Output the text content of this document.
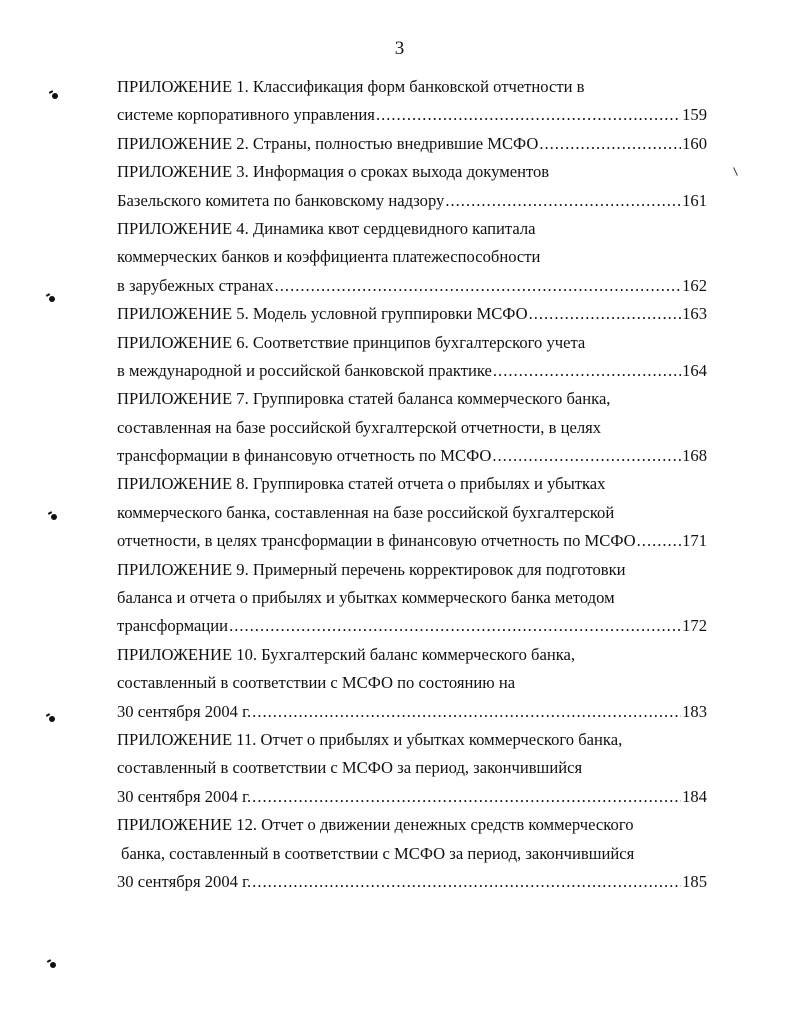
3
ПРИЛОЖЕНИЕ 1. Классификация форм банковской отчетности в
системе корпоративного управления .....	159
ПРИЛОЖЕНИЕ 2. Страны, полностью внедрившие МСФО .....	160
ПРИЛОЖЕНИЕ 3. Информация о сроках выхода документов
Базельского комитета по банковскому надзору .....	161
ПРИЛОЖЕНИЕ 4. Динамика квот сердцевидного капитала
коммерческих банков и коэффициента платежеспособности
в зарубежных странах .....	162
ПРИЛОЖЕНИЕ 5. Модель условной группировки МСФО .....	163
ПРИЛОЖЕНИЕ 6. Соответствие принципов бухгалтерского учета
в международной и российской банковской практике .....	164
ПРИЛОЖЕНИЕ 7. Группировка статей баланса коммерческого банка,
составленная на базе российской бухгалтерской отчетности, в целях
трансформации в финансовую отчетность по МСФО .....	168
ПРИЛОЖЕНИЕ 8. Группировка статей отчета о прибылях и убытках
коммерческого банка, составленная на базе российской бухгалтерской
отчетности, в целях трансформации в финансовую отчетность по МСФО .....	171
ПРИЛОЖЕНИЕ 9. Примерный перечень корректировок для подготовки
баланса и отчета о прибылях и убытках коммерческого банка методом
трансформации .....	172
ПРИЛОЖЕНИЕ 10. Бухгалтерский баланс коммерческого банка,
составленный в соответствии с МСФО по состоянию на
30 сентября 2004 г. .....	183
ПРИЛОЖЕНИЕ 11. Отчет о прибылях и убытках коммерческого банка,
составленный в соответствии с МСФО за период, закончившийся
30 сентября 2004 г. .....	184
ПРИЛОЖЕНИЕ 12. Отчет о движении денежных средств коммерческого
банка, составленный в соответствии с МСФО за период, закончившийся
30 сентября 2004 г. .....	185
